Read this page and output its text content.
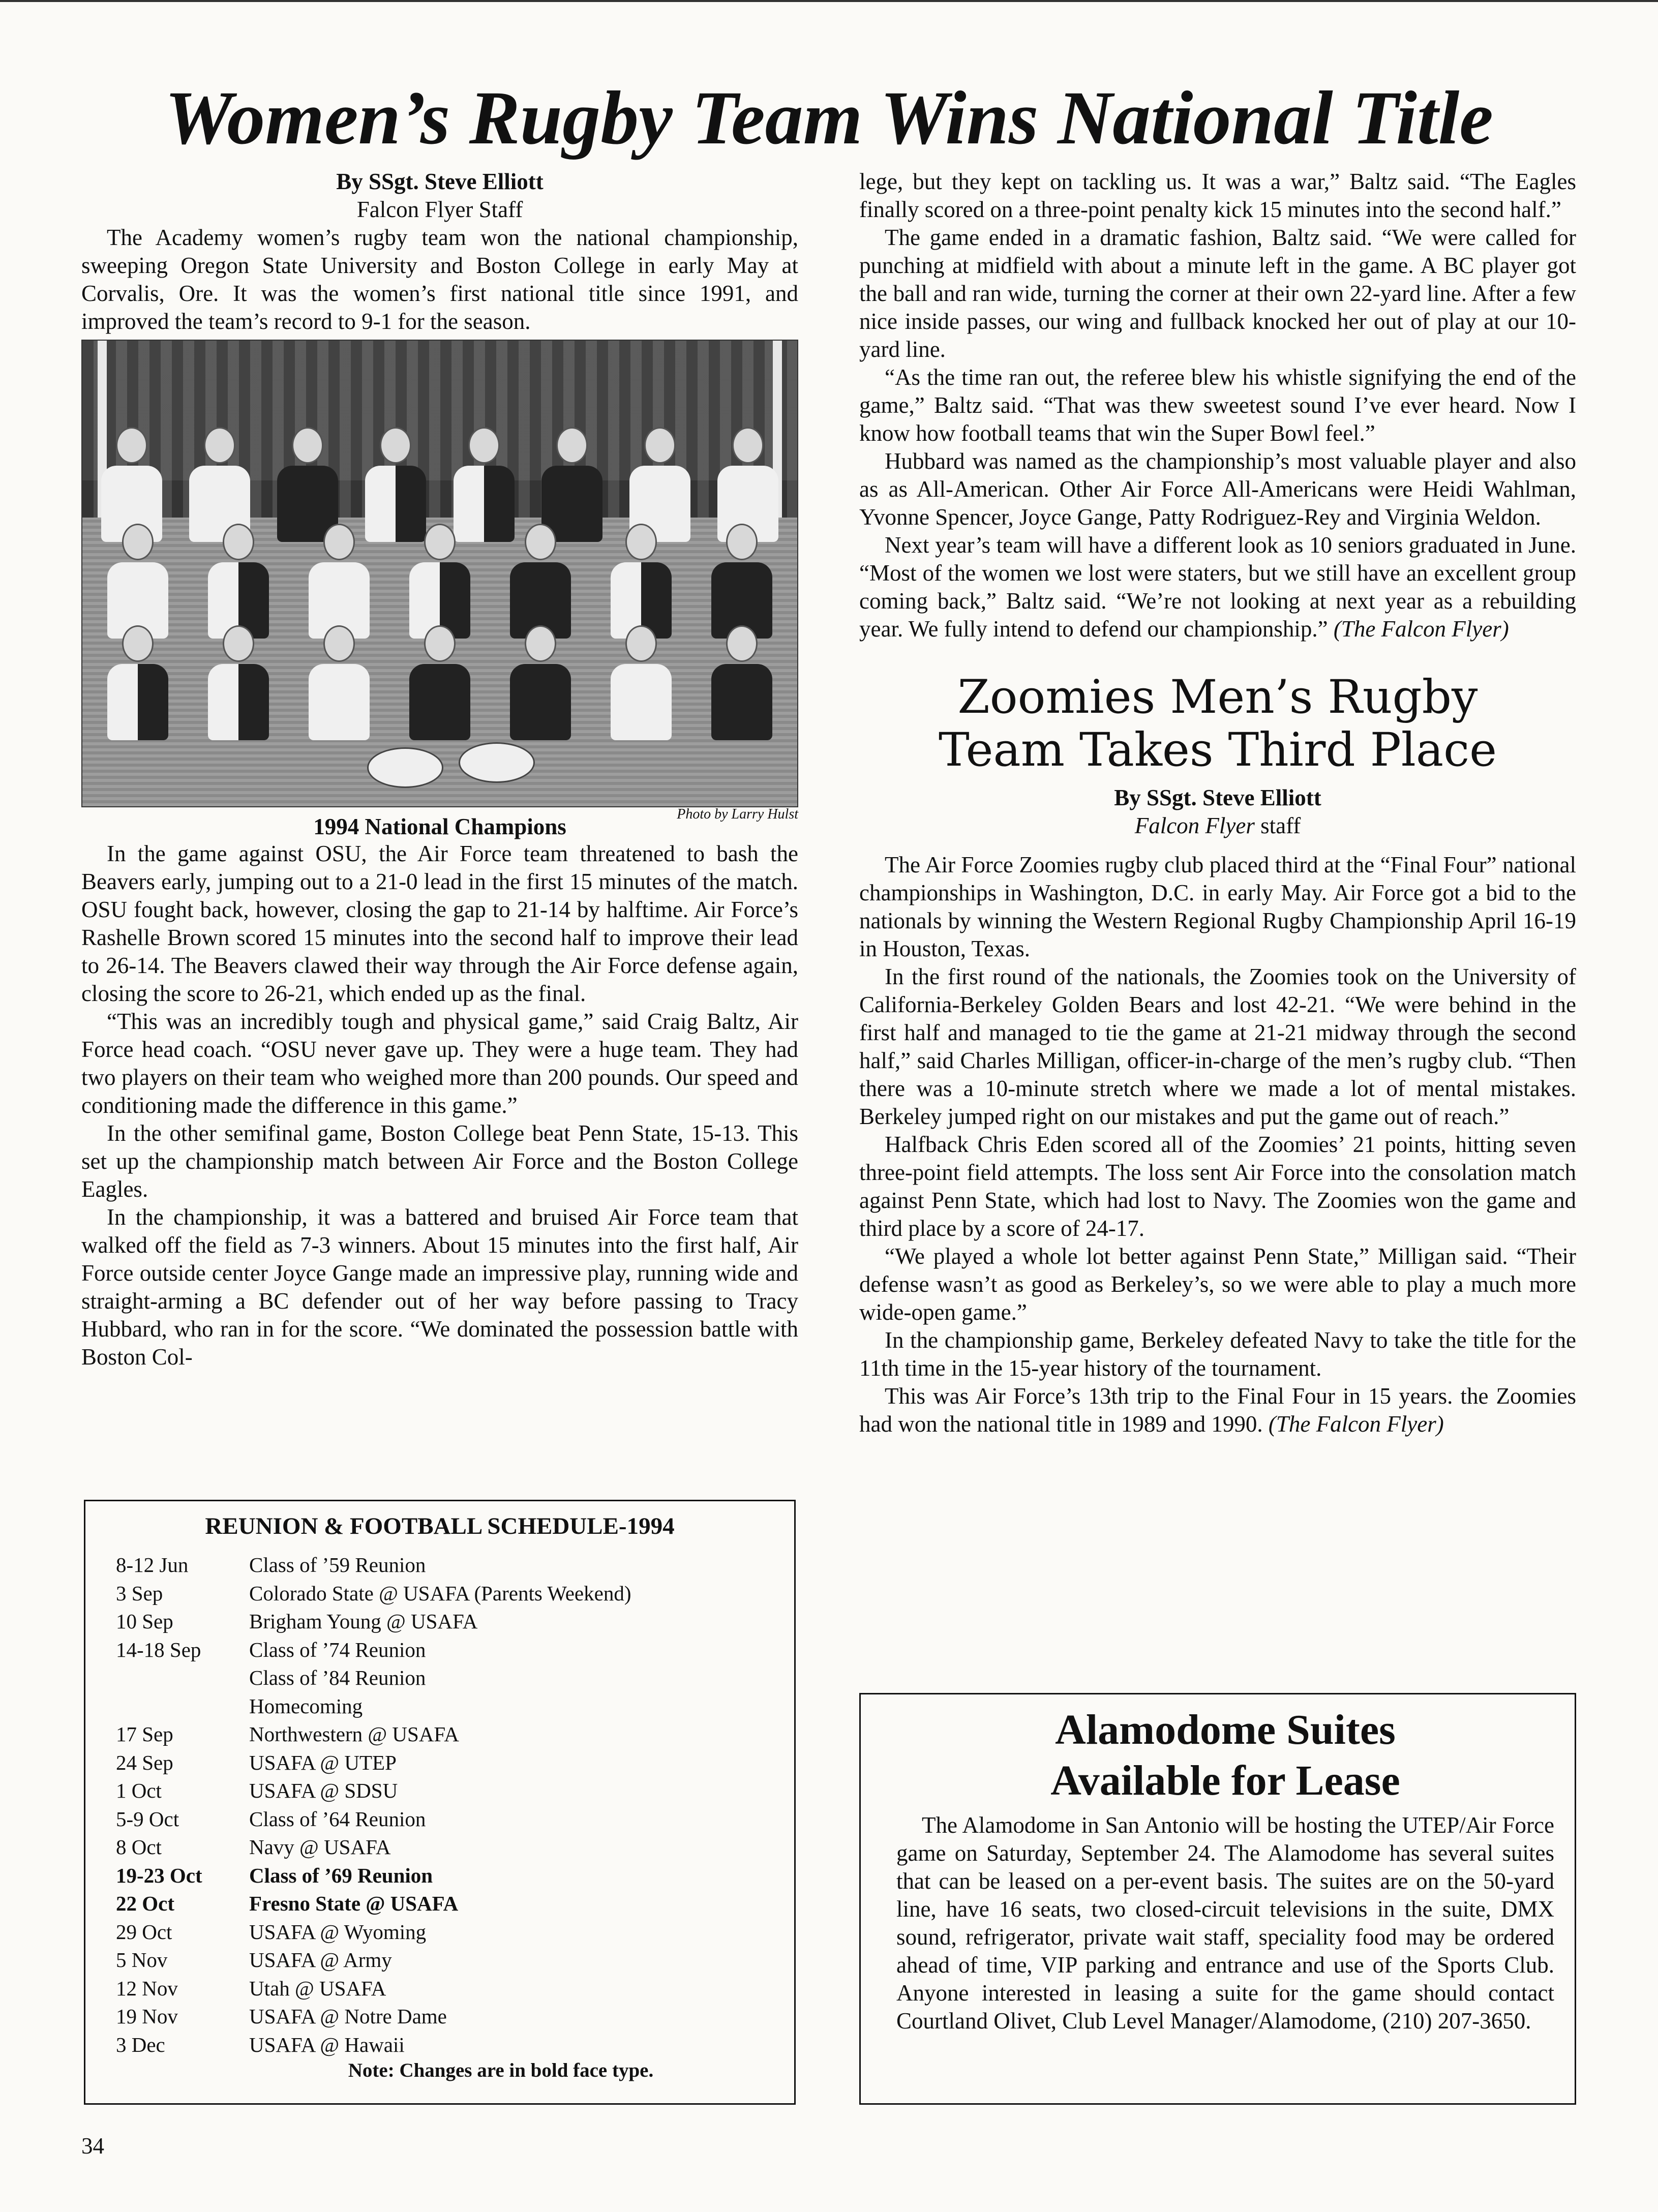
Women’s Rugby Team Wins National Title
By SSgt. Steve Elliott
Falcon Flyer Staff

The Academy women’s rugby team won the national championship, sweeping Oregon State University and Boston College in early May at Corvalis, Ore. It was the women’s first national title since 1991, and improved the team’s record to 9-1 for the season.

1994 National Champions	Photo by Larry Hulst

In the game against OSU, the Air Force team threatened to bash the Beavers early, jumping out to a 21-0 lead in the first 15 minutes of the match. OSU fought back, however, closing the gap to 21-14 by halftime. Air Force’s Rashelle Brown scored 15 minutes into the second half to improve their lead to 26-14. The Beavers clawed their way through the Air Force defense again, closing the score to 26-21, which ended up as the final.

“This was an incredibly tough and physical game,” said Craig Baltz, Air Force head coach. “OSU never gave up. They were a huge team. They had two players on their team who weighed more than 200 pounds. Our speed and conditioning made the difference in this game.”

In the other semifinal game, Boston College beat Penn State, 15-13. This set up the championship match between Air Force and the Boston College Eagles.

In the championship, it was a battered and bruised Air Force team that walked off the field as 7-3 winners. About 15 minutes into the first half, Air Force outside center Joyce Gange made an impressive play, running wide and straight-arming a BC defender out of her way before passing to Tracy Hubbard, who ran in for the score. “We dominated the possession battle with Boston Col-

REUNION & FOOTBALL SCHEDULE-1994
8-12 Jun	Class of ’59 Reunion
3 Sep	Colorado State @ USAFA (Parents Weekend)
10 Sep	Brigham Young @ USAFA
14-18 Sep	Class of ’74 Reunion
Class of ’84 Reunion
Homecoming
17 Sep	Northwestern @ USAFA
24 Sep	USAFA @ UTEP
1 Oct	USAFA @ SDSU
5-9 Oct	Class of ’64 Reunion
8 Oct	Navy @ USAFA
19-23 Oct	Class of ’69 Reunion
22 Oct	Fresno State @ USAFA
29 Oct	USAFA @ Wyoming
5 Nov	USAFA @ Army
12 Nov	Utah @ USAFA
19 Nov	USAFA @ Notre Dame
3 Dec	USAFA @ Hawaii
Note: Changes are in bold face type.

lege, but they kept on tackling us. It was a war,” Baltz said. “The Eagles finally scored on a three-point penalty kick 15 minutes into the second half.”

The game ended in a dramatic fashion, Baltz said. “We were called for punching at midfield with about a minute left in the game. A BC player got the ball and ran wide, turning the corner at their own 22-yard line. After a few nice inside passes, our wing and fullback knocked her out of play at our 10-yard line.

“As the time ran out, the referee blew his whistle signifying the end of the game,” Baltz said. “That was thew sweetest sound I’ve ever heard. Now I know how football teams that win the Super Bowl feel.”

Hubbard was named as the championship’s most valuable player and also as as All-American. Other Air Force All-Americans were Heidi Wahlman, Yvonne Spencer, Joyce Gange, Patty Rodriguez-Rey and Virginia Weldon.

Next year’s team will have a different look as 10 seniors graduated in June. “Most of the women we lost were staters, but we still have an excellent group coming back,” Baltz said. “We’re not looking at next year as a rebuilding year. We fully intend to defend our championship.” (The Falcon Flyer)

Zoomies Men’s Rugby
Team Takes Third Place
By SSgt. Steve Elliott
Falcon Flyer staff

The Air Force Zoomies rugby club placed third at the “Final Four” national championships in Washington, D.C. in early May. Air Force got a bid to the nationals by winning the Western Regional Rugby Championship April 16-19 in Houston, Texas.

In the first round of the nationals, the Zoomies took on the University of California-Berkeley Golden Bears and lost 42-21. “We were behind in the first half and managed to tie the game at 21-21 midway through the second half,” said Charles Milligan, officer-in-charge of the men’s rugby club. “Then there was a 10-minute stretch where we made a lot of mental mistakes. Berkeley jumped right on our mistakes and put the game out of reach.”

Halfback Chris Eden scored all of the Zoomies’ 21 points, hitting seven three-point field attempts. The loss sent Air Force into the consolation match against Penn State, which had lost to Navy. The Zoomies won the game and third place by a score of 24-17.

“We played a whole lot better against Penn State,” Milligan said. “Their defense wasn’t as good as Berkeley’s, so we were able to play a much more wide-open game.”

In the championship game, Berkeley defeated Navy to take the title for the 11th time in the 15-year history of the tournament.

This was Air Force’s 13th trip to the Final Four in 15 years. the Zoomies had won the national title in 1989 and 1990. (The Falcon Flyer)

Alamodome Suites
Available for Lease

The Alamodome in San Antonio will be hosting the UTEP/Air Force game on Saturday, September 24. The Alamodome has several suites that can be leased on a per-event basis. The suites are on the 50-yard line, have 16 seats, two closed-circuit televisions in the suite, DMX sound, refrigerator, private wait staff, speciality food may be ordered ahead of time, VIP parking and entrance and use of the Sports Club. Anyone interested in leasing a suite for the game should contact Courtland Olivet, Club Level Manager/Alamodome, (210) 207-3650.

34
